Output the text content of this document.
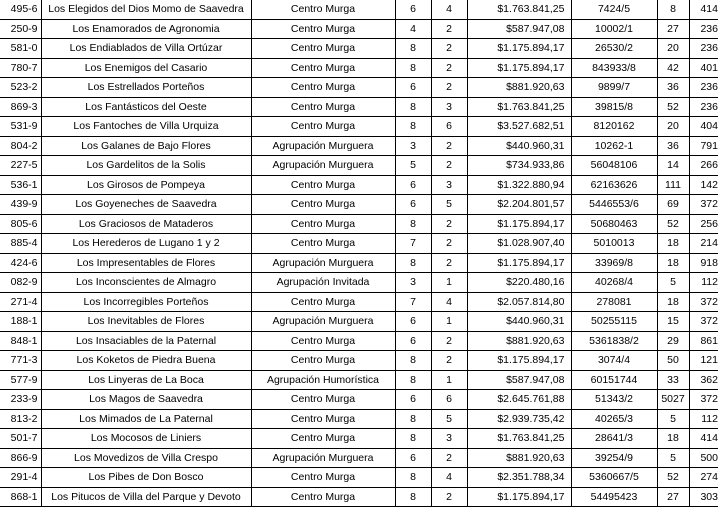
495-6	Los Elegidos del Dios Momo de Saavedra	Centro Murga	6	4	$1.763.841,25	7424/5	8	414
250-9	Los Enamorados de Agronomia	Centro Murga	4	2	$587.947,08	10002/1	27	236
581-0	Los Endiablados de Villa Ortúzar	Centro Murga	8	2	$1.175.894,17	26530/2	20	236
780-7	Los Enemigos del Casario	Centro Murga	8	2	$1.175.894,17	843933/8	42	401
523-2	Los Estrellados Porteños	Centro Murga	6	2	$881.920,63	9899/7	36	236
869-3	Los Fantásticos del Oeste	Centro Murga	8	3	$1.763.841,25	39815/8	52	236
531-9	Los Fantoches de Villa Urquiza	Centro Murga	8	6	$3.527.682,51	8120162	20	404
804-2	Los Galanes de Bajo Flores	Agrupación Murguera	3	2	$440.960,31	10262-1	36	791
227-5	Los Gardelitos de la Solis	Agrupación Murguera	5	2	$734.933,86	56048106	14	266
536-1	Los Girosos de Pompeya	Centro Murga	6	3	$1.322.880,94	62163626	111	142
439-9	Los Goyeneches de Saavedra	Centro Murga	6	5	$2.204.801,57	5446553/6	69	372
805-6	Los Graciosos de Mataderos	Centro Murga	8	2	$1.175.894,17	50680463	52	256
885-4	Los Herederos de Lugano 1 y 2	Centro Murga	7	2	$1.028.907,40	5010013	18	214
424-6	Los Impresentables de Flores	Agrupación Murguera	8	2	$1.175.894,17	33969/8	18	918
082-9	Los Inconscientes de Almagro	Agrupación Invitada	3	1	$220.480,16	40268/4	5	112
271-4	Los Incorregibles Porteños	Centro Murga	7	4	$2.057.814,80	278081	18	372
188-1	Los Inevitables de Flores	Agrupación Murguera	6	1	$440.960,31	50255115	15	372
848-1	Los Insaciables de la Paternal	Centro Murga	6	2	$881.920,63	5361838/2	29	861
771-3	Los Koketos de Piedra Buena	Centro Murga	8	2	$1.175.894,17	3074/4	50	121
577-9	Los Linyeras de La Boca	Agrupación Humorística	8	1	$587.947,08	60151744	33	362
233-9	Los Magos de Saavedra	Centro Murga	6	6	$2.645.761,88	51343/2	5027	372
813-2	Los Mimados de La Paternal	Centro Murga	8	5	$2.939.735,42	40265/3	5	112
501-7	Los Mocosos de Liniers	Centro Murga	8	3	$1.763.841,25	28641/3	18	414
866-9	Los Movedizos de Villa Crespo	Agrupación Murguera	6	2	$881.920,63	39254/9	5	500
291-4	Los Pibes de Don Bosco	Centro Murga	8	4	$2.351.788,34	5360667/5	52	274
868-1	Los Pitucos de Villa del Parque y Devoto	Centro Murga	8	2	$1.175.894,17	54495423	27	303
